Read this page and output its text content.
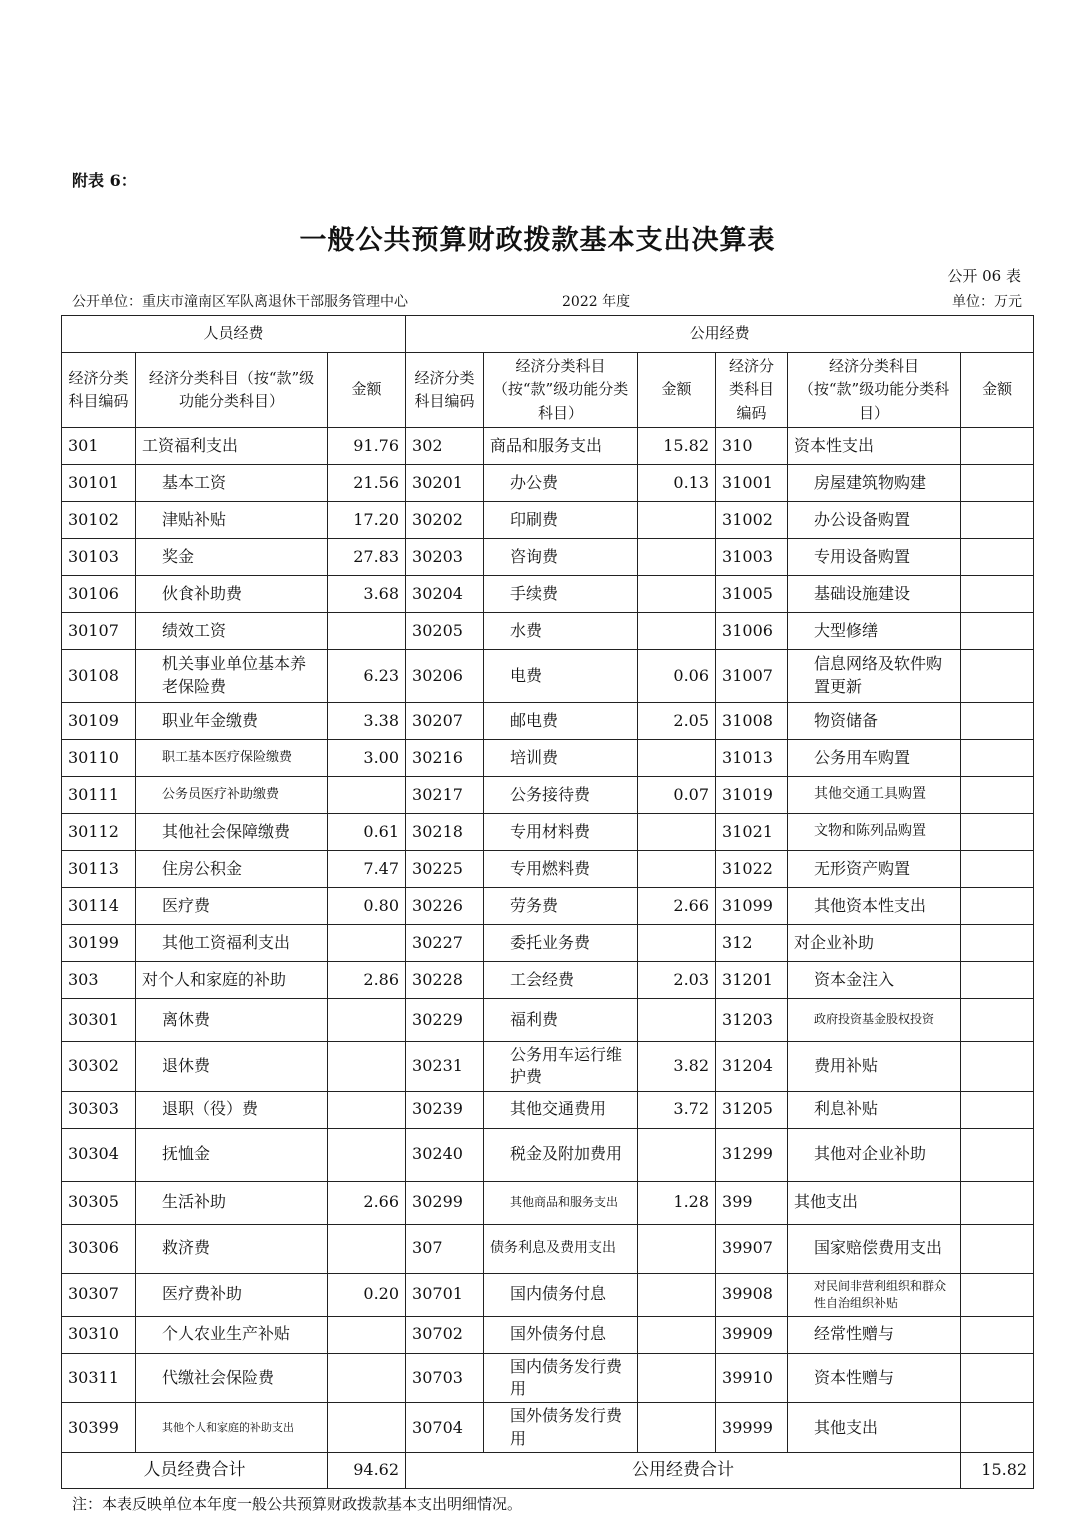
附表 6：
一般公共预算财政拨款基本支出决算表
公开 06 表
公开单位：重庆市潼南区军队离退休干部服务管理中心	2022 年度	单位：万元
人员经费			公用经费					
经济分类科目编码	经济分类科目（按“款”级功能分类科目）	金额	经济分类科目编码	经济分类科目（按“款”级功能分类科目）	金额	经济分类科目编码	经济分类科目（按“款”级功能分类科目）	金额
301	工资福利支出	91.76	302	商品和服务支出	15.82	310	资本性支出	
30101	基本工资	21.56	30201	办公费	0.13	31001	房屋建筑物购建	
30102	津贴补贴	17.20	30202	印刷费		31002	办公设备购置	
30103	奖金	27.83	30203	咨询费		31003	专用设备购置	
30106	伙食补助费	3.68	30204	手续费		31005	基础设施建设	
30107	绩效工资		30205	水费		31006	大型修缮	
30108	机关事业单位基本养老保险费	6.23	30206	电费	0.06	31007	信息网络及软件购置更新	
30109	职业年金缴费	3.38	30207	邮电费	2.05	31008	物资储备	
30110	职工基本医疗保险缴费	3.00	30216	培训费		31013	公务用车购置	
30111	公务员医疗补助缴费		30217	公务接待费	0.07	31019	其他交通工具购置	
30112	其他社会保障缴费	0.61	30218	专用材料费		31021	文物和陈列品购置	
30113	住房公积金	7.47	30225	专用燃料费		31022	无形资产购置	
30114	医疗费	0.80	30226	劳务费	2.66	31099	其他资本性支出	
30199	其他工资福利支出		30227	委托业务费		312	对企业补助	
303	对个人和家庭的补助	2.86	30228	工会经费	2.03	31201	资本金注入	
30301	离休费		30229	福利费		31203	政府投资基金股权投资	
30302	退休费		30231	公务用车运行维护费	3.82	31204	费用补贴	
30303	退职（役）费		30239	其他交通费用	3.72	31205	利息补贴	
30304	抚恤金		30240	税金及附加费用		31299	其他对企业补助	
30305	生活补助	2.66	30299	其他商品和服务支出	1.28	399	其他支出	
30306	救济费		307	债务利息及费用支出		39907	国家赔偿费用支出	
30307	医疗费补助	0.20	30701	国内债务付息		39908	对民间非营利组织和群众性自治组织补贴	
30310	个人农业生产补贴		30702	国外债务付息		39909	经常性赠与	
30311	代缴社会保险费		30703	国内债务发行费用		39910	资本性赠与	
30399	其他个人和家庭的补助支出		30704	国外债务发行费用		39999	其他支出	
人员经费合计		94.62	公用经费合计					15.82
注：本表反映单位本年度一般公共预算财政拨款基本支出明细情况。
